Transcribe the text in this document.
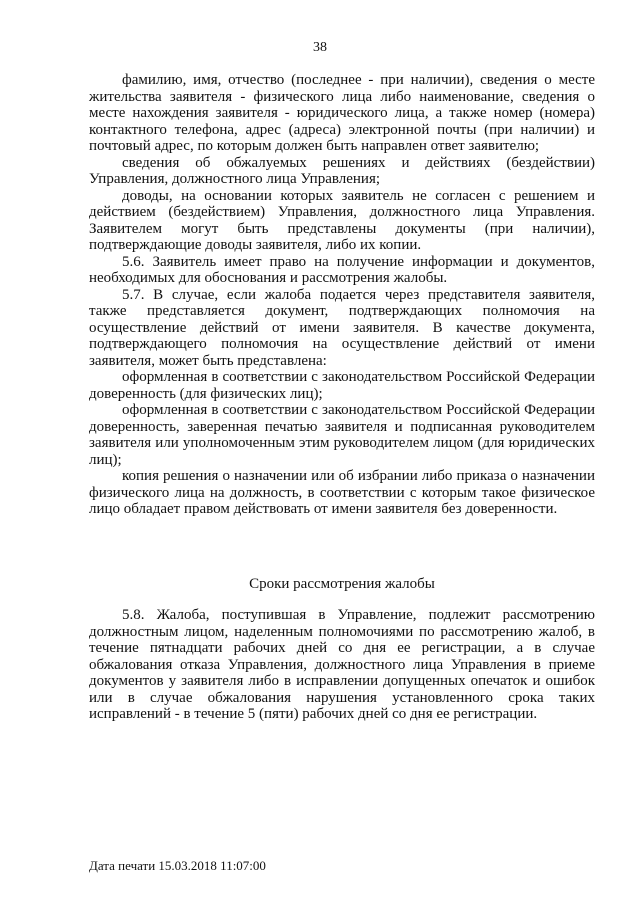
38

фамилию, имя, отчество (последнее - при наличии), сведения о месте жительства заявителя - физического лица либо наименование, сведения о месте нахождения заявителя - юридического лица, а также номер (номера) контактного телефона, адрес (адреса) электронной почты (при наличии) и почтовый адрес, по которым должен быть направлен ответ заявителю;

сведения об обжалуемых решениях и действиях (бездействии) Управления, должностного лица Управления;

доводы, на основании которых заявитель не согласен с решением и действием (бездействием) Управления, должностного лица Управления. Заявителем могут быть представлены документы (при наличии), подтверждающие доводы заявителя, либо их копии.

5.6. Заявитель имеет право на получение информации и документов, необходимых для обоснования и рассмотрения жалобы.

5.7. В случае, если жалоба подается через представителя заявителя, также представляется документ, подтверждающих полномочия на осуществление действий от имени заявителя. В качестве документа, подтверждающего полномочия на осуществление действий от имени заявителя, может быть представлена:

оформленная в соответствии с законодательством Российской Федерации доверенность (для физических лиц);

оформленная в соответствии с законодательством Российской Федерации доверенность, заверенная печатью заявителя и подписанная руководителем заявителя или уполномоченным этим руководителем лицом (для юридических лиц);

копия решения о назначении или об избрании либо приказа о назначении физического лица на должность, в соответствии с которым такое физическое лицо обладает правом действовать от имени заявителя без доверенности.

Сроки рассмотрения жалобы

5.8. Жалоба, поступившая в Управление, подлежит рассмотрению должностным лицом, наделенным полномочиями по рассмотрению жалоб, в течение пятнадцати рабочих дней со дня ее регистрации, а в случае обжалования отказа Управления, должностного лица Управления в приеме документов у заявителя либо в исправлении допущенных опечаток и ошибок или в случае обжалования нарушения установленного срока таких исправлений - в течение 5 (пяти) рабочих дней со дня ее регистрации.

Дата печати 15.03.2018 11:07:00
